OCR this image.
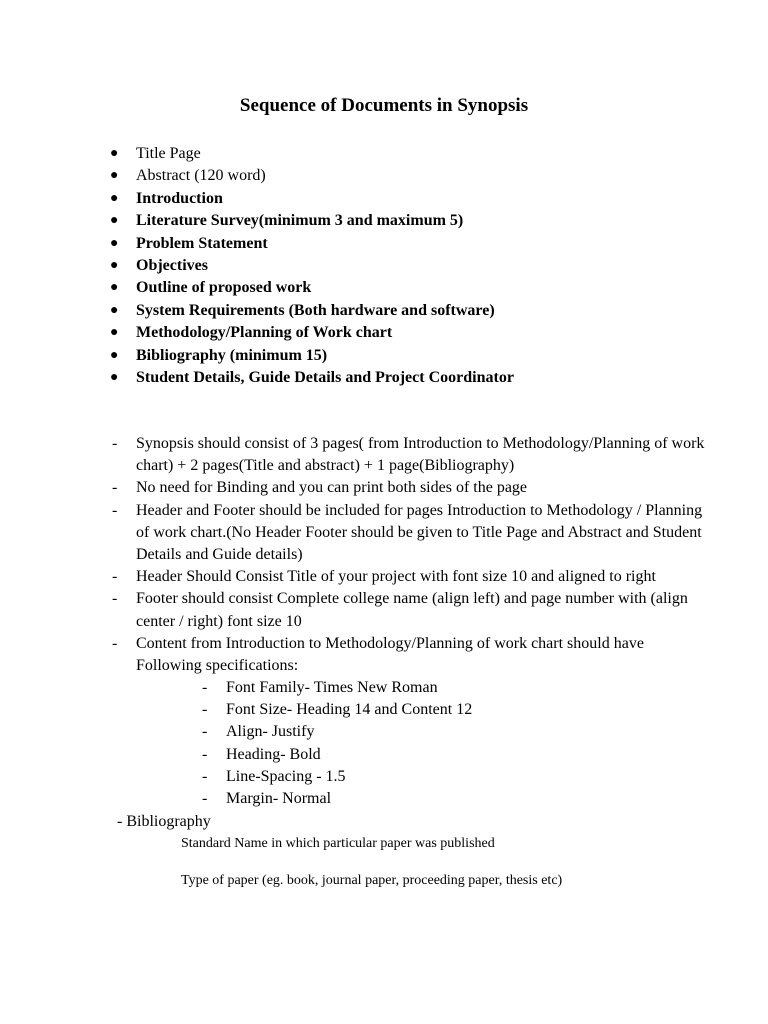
Sequence of Documents in Synopsis
● Title Page
● Abstract (120 word)
● Introduction
● Literature Survey(minimum 3 and maximum 5)
● Problem Statement
● Objectives
● Outline of proposed work
● System Requirements (Both hardware and software)
● Methodology/Planning of Work chart
● Bibliography (minimum 15)
● Student Details, Guide Details and Project Coordinator
- Synopsis should consist of 3 pages( from Introduction to Methodology/Planning of work chart) + 2 pages(Title and abstract) + 1 page(Bibliography)
- No need for Binding and you can print both sides of the page
- Header and Footer should be included for pages Introduction to Methodology / Planning of work chart.(No Header Footer should be given to Title Page and Abstract and Student Details and Guide details)
- Header Should Consist Title of your project with font size 10 and aligned to right
- Footer should consist Complete college name (align left) and page number with (align center / right) font size 10
- Content from Introduction to Methodology/Planning of work chart should have Following specifications:
- Font Family- Times New Roman
- Font Size- Heading 14 and Content 12
- Align- Justify
- Heading- Bold
- Line-Spacing - 1.5
- Margin- Normal
- Bibliography
Standard Name in which particular paper was published
Type of paper (eg. book, journal paper, proceeding paper, thesis etc)
